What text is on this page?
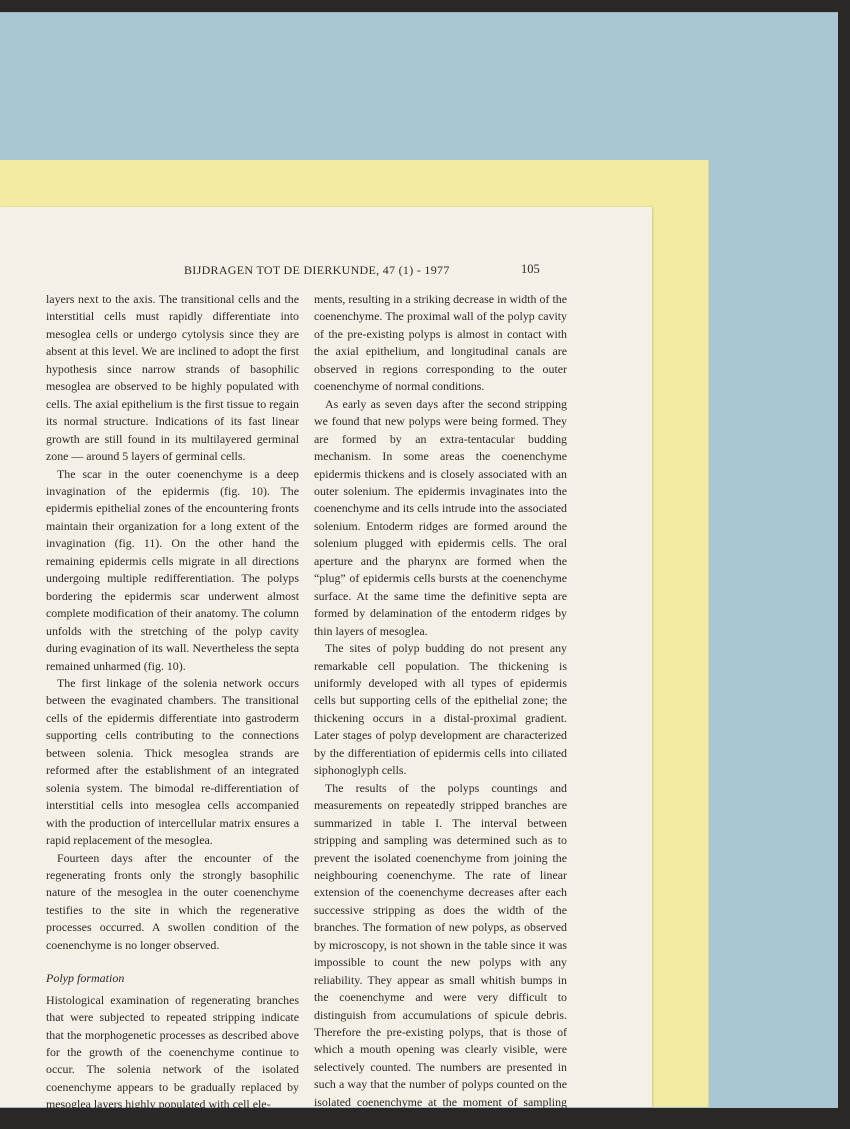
BIJDRAGEN TOT DE DIERKUNDE, 47 (1) - 1977	105

layers next to the axis. The transitional cells and the interstitial cells must rapidly differentiate into mesoglea cells or undergo cytolysis since they are absent at this level. We are inclined to adopt the first hypothesis since narrow strands of basophilic mesoglea are observed to be highly populated with cells. The axial epithelium is the first tissue to regain its normal structure. Indications of its fast linear growth are still found in its multilayered germinal zone — around 5 layers of germinal cells.

The scar in the outer coenenchyme is a deep invagination of the epidermis (fig. 10). The epidermis epithelial zones of the encountering fronts maintain their organization for a long extent of the invagination (fig. 11). On the other hand the remaining epidermis cells migrate in all directions undergoing multiple redifferentiation. The polyps bordering the epidermis scar underwent almost complete modification of their anatomy. The column unfolds with the stretching of the polyp cavity during evagination of its wall. Nevertheless the septa remained unharmed (fig. 10).

The first linkage of the solenia network occurs between the evaginated chambers. The transitional cells of the epidermis differentiate into gastroderm supporting cells contributing to the connections between solenia. Thick mesoglea strands are reformed after the establishment of an integrated solenia system. The bimodal re-differentiation of interstitial cells into mesoglea cells accompanied with the production of intercellular matrix ensures a rapid replacement of the mesoglea.

Fourteen days after the encounter of the regenerating fronts only the strongly basophilic nature of the mesoglea in the outer coenenchyme testifies to the site in which the regenerative processes occurred. A swollen condition of the coenenchyme is no longer observed.

Polyp formation

Histological examination of regenerating branches that were subjected to repeated stripping indicate that the morphogenetic processes as described above for the growth of the coenenchyme continue to occur. The solenia network of the isolated coenenchyme appears to be gradually replaced by mesoglea layers highly populated with cell ele-

ments, resulting in a striking decrease in width of the coenenchyme. The proximal wall of the polyp cavity of the pre-existing polyps is almost in contact with the axial epithelium, and longitudinal canals are observed in regions corresponding to the outer coenenchyme of normal conditions.

As early as seven days after the second stripping we found that new polyps were being formed. They are formed by an extra-tentacular budding mechanism. In some areas the coenenchyme epidermis thickens and is closely associated with an outer solenium. The epidermis invaginates into the coenenchyme and its cells intrude into the associated solenium. Entoderm ridges are formed around the solenium plugged with epidermis cells. The oral aperture and the pharynx are formed when the “plug” of epidermis cells bursts at the coenenchyme surface. At the same time the definitive septa are formed by delamination of the entoderm ridges by thin layers of mesoglea.

The sites of polyp budding do not present any remarkable cell population. The thickening is uniformly developed with all types of epidermis cells but supporting cells of the epithelial zone; the thickening occurs in a distal-proximal gradient. Later stages of polyp development are characterized by the differentiation of epidermis cells into ciliated siphonoglyph cells.

The results of the polyps countings and measurements on repeatedly stripped branches are summarized in table I. The interval between stripping and sampling was determined such as to prevent the isolated coenenchyme from joining the neighbouring coenenchyme. The rate of linear extension of the coenenchyme decreases after each successive stripping as does the width of the branches. The formation of new polyps, as observed by microscopy, is not shown in the table since it was impossible to count the new polyps with any reliability. They appear as small whitish bumps in the coenenchyme and were very difficult to distinguish from accumulations of spicule debris. Therefore the pre-existing polyps, that is those of which a mouth opening was clearly visible, were selectively counted. The numbers are presented in such a way that the number of polyps counted on the isolated coenenchyme at the moment of sampling (the observed number of polyps) can easily be com-
